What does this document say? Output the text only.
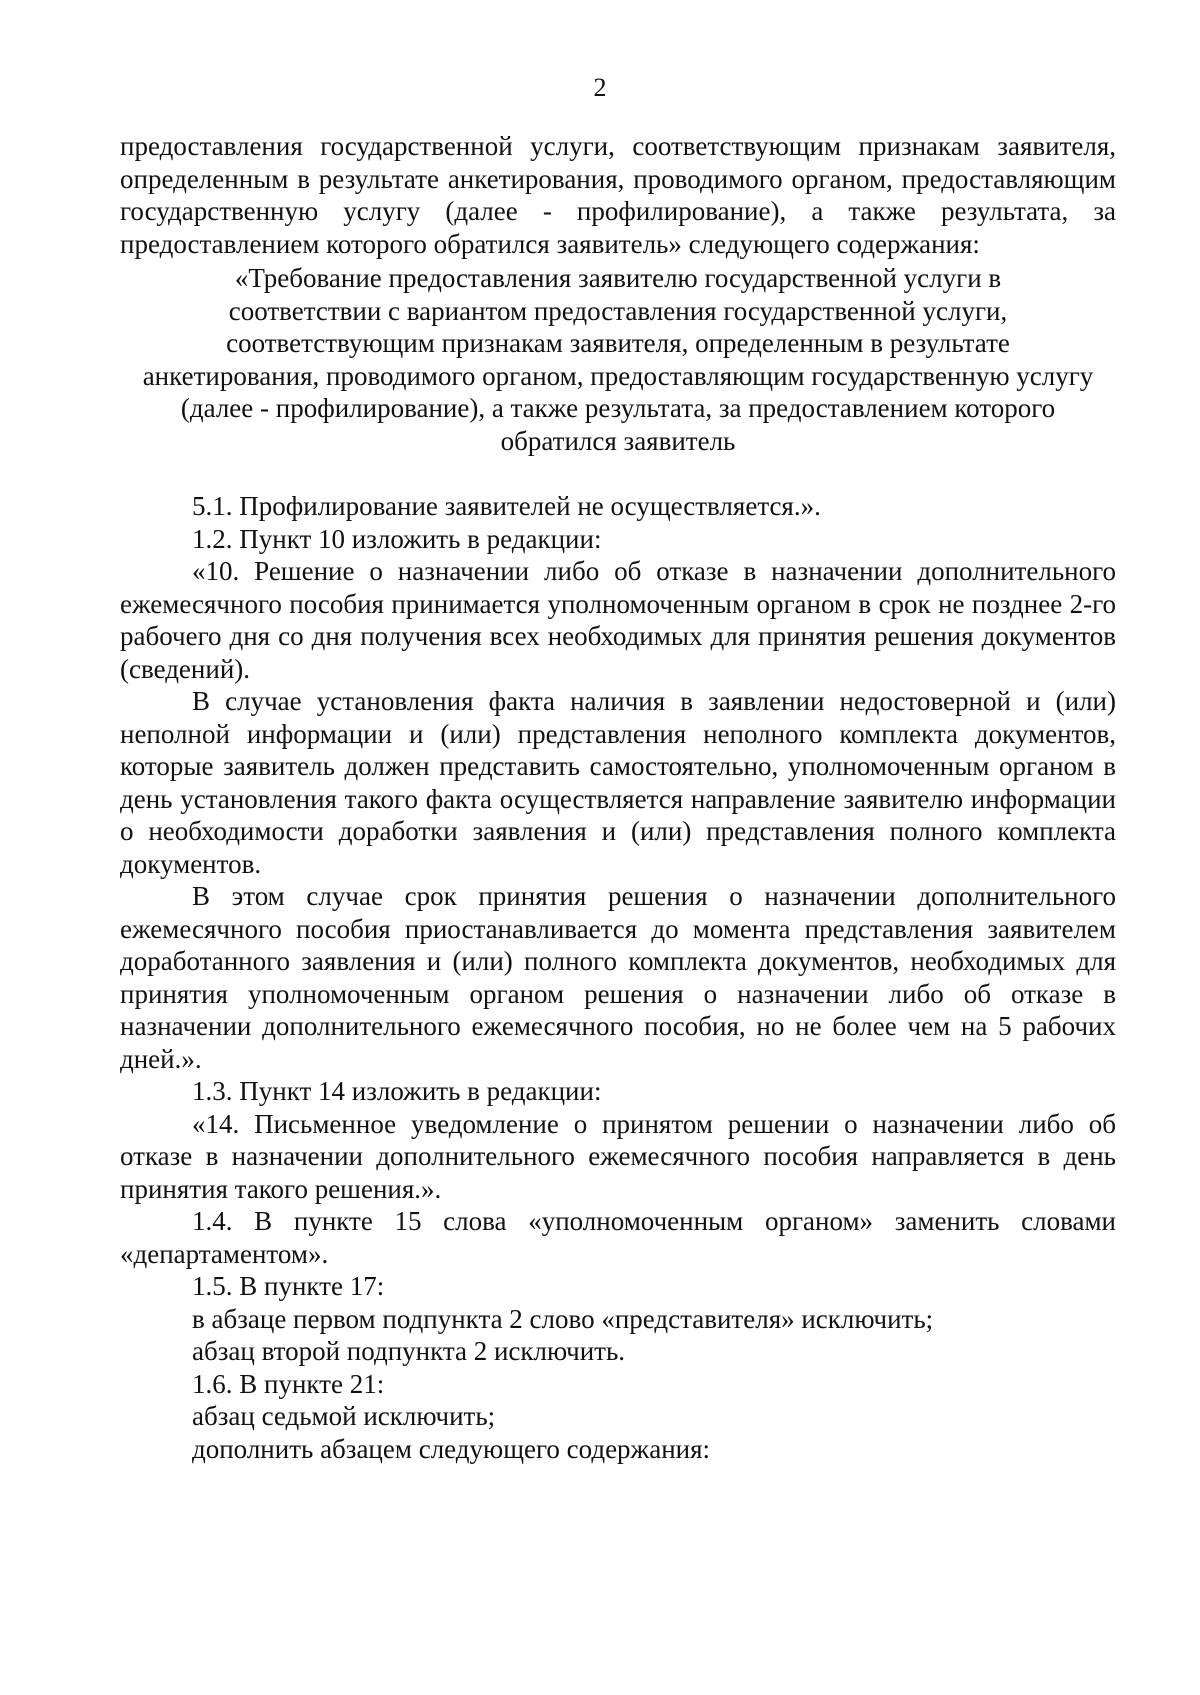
2

предоставления государственной услуги, соответствующим признакам заявителя, определенным в результате анкетирования, проводимого органом, предоставляющим государственную услугу (далее - профилирование), а также результата, за предоставлением которого обратился заявитель» следующего содержания:

«Требование предоставления заявителю государственной услуги в
соответствии с вариантом предоставления государственной услуги,
соответствующим признакам заявителя, определенным в результате
анкетирования, проводимого органом, предоставляющим государственную услугу
(далее - профилирование), а также результата, за предоставлением которого
обратился заявитель

5.1. Профилирование заявителей не осуществляется.».

1.2. Пункт 10 изложить в редакции:

«10. Решение о назначении либо об отказе в назначении дополнительного ежемесячного пособия принимается уполномоченным органом в срок не позднее 2-го рабочего дня со дня получения всех необходимых для принятия решения документов (сведений).

В случае установления факта наличия в заявлении недостоверной и (или) неполной информации и (или) представления неполного комплекта документов, которые заявитель должен представить самостоятельно, уполномоченным органом в день установления такого факта осуществляется направление заявителю информации о необходимости доработки заявления и (или) представления полного комплекта документов.

В этом случае срок принятия решения о назначении дополнительного ежемесячного пособия приостанавливается до момента представления заявителем доработанного заявления и (или) полного комплекта документов, необходимых для принятия уполномоченным органом решения о назначении либо об отказе в назначении дополнительного ежемесячного пособия, но не более чем на 5 рабочих дней.».

1.3. Пункт 14 изложить в редакции:

«14. Письменное уведомление о принятом решении о назначении либо об отказе в назначении дополнительного ежемесячного пособия направляется в день принятия такого решения.».

1.4. В пункте 15 слова «уполномоченным органом» заменить словами «департаментом».

1.5. В пункте 17:

в абзаце первом подпункта 2 слово «представителя» исключить;

абзац второй подпункта 2 исключить.

1.6. В пункте 21:

абзац седьмой исключить;

дополнить абзацем следующего содержания:
